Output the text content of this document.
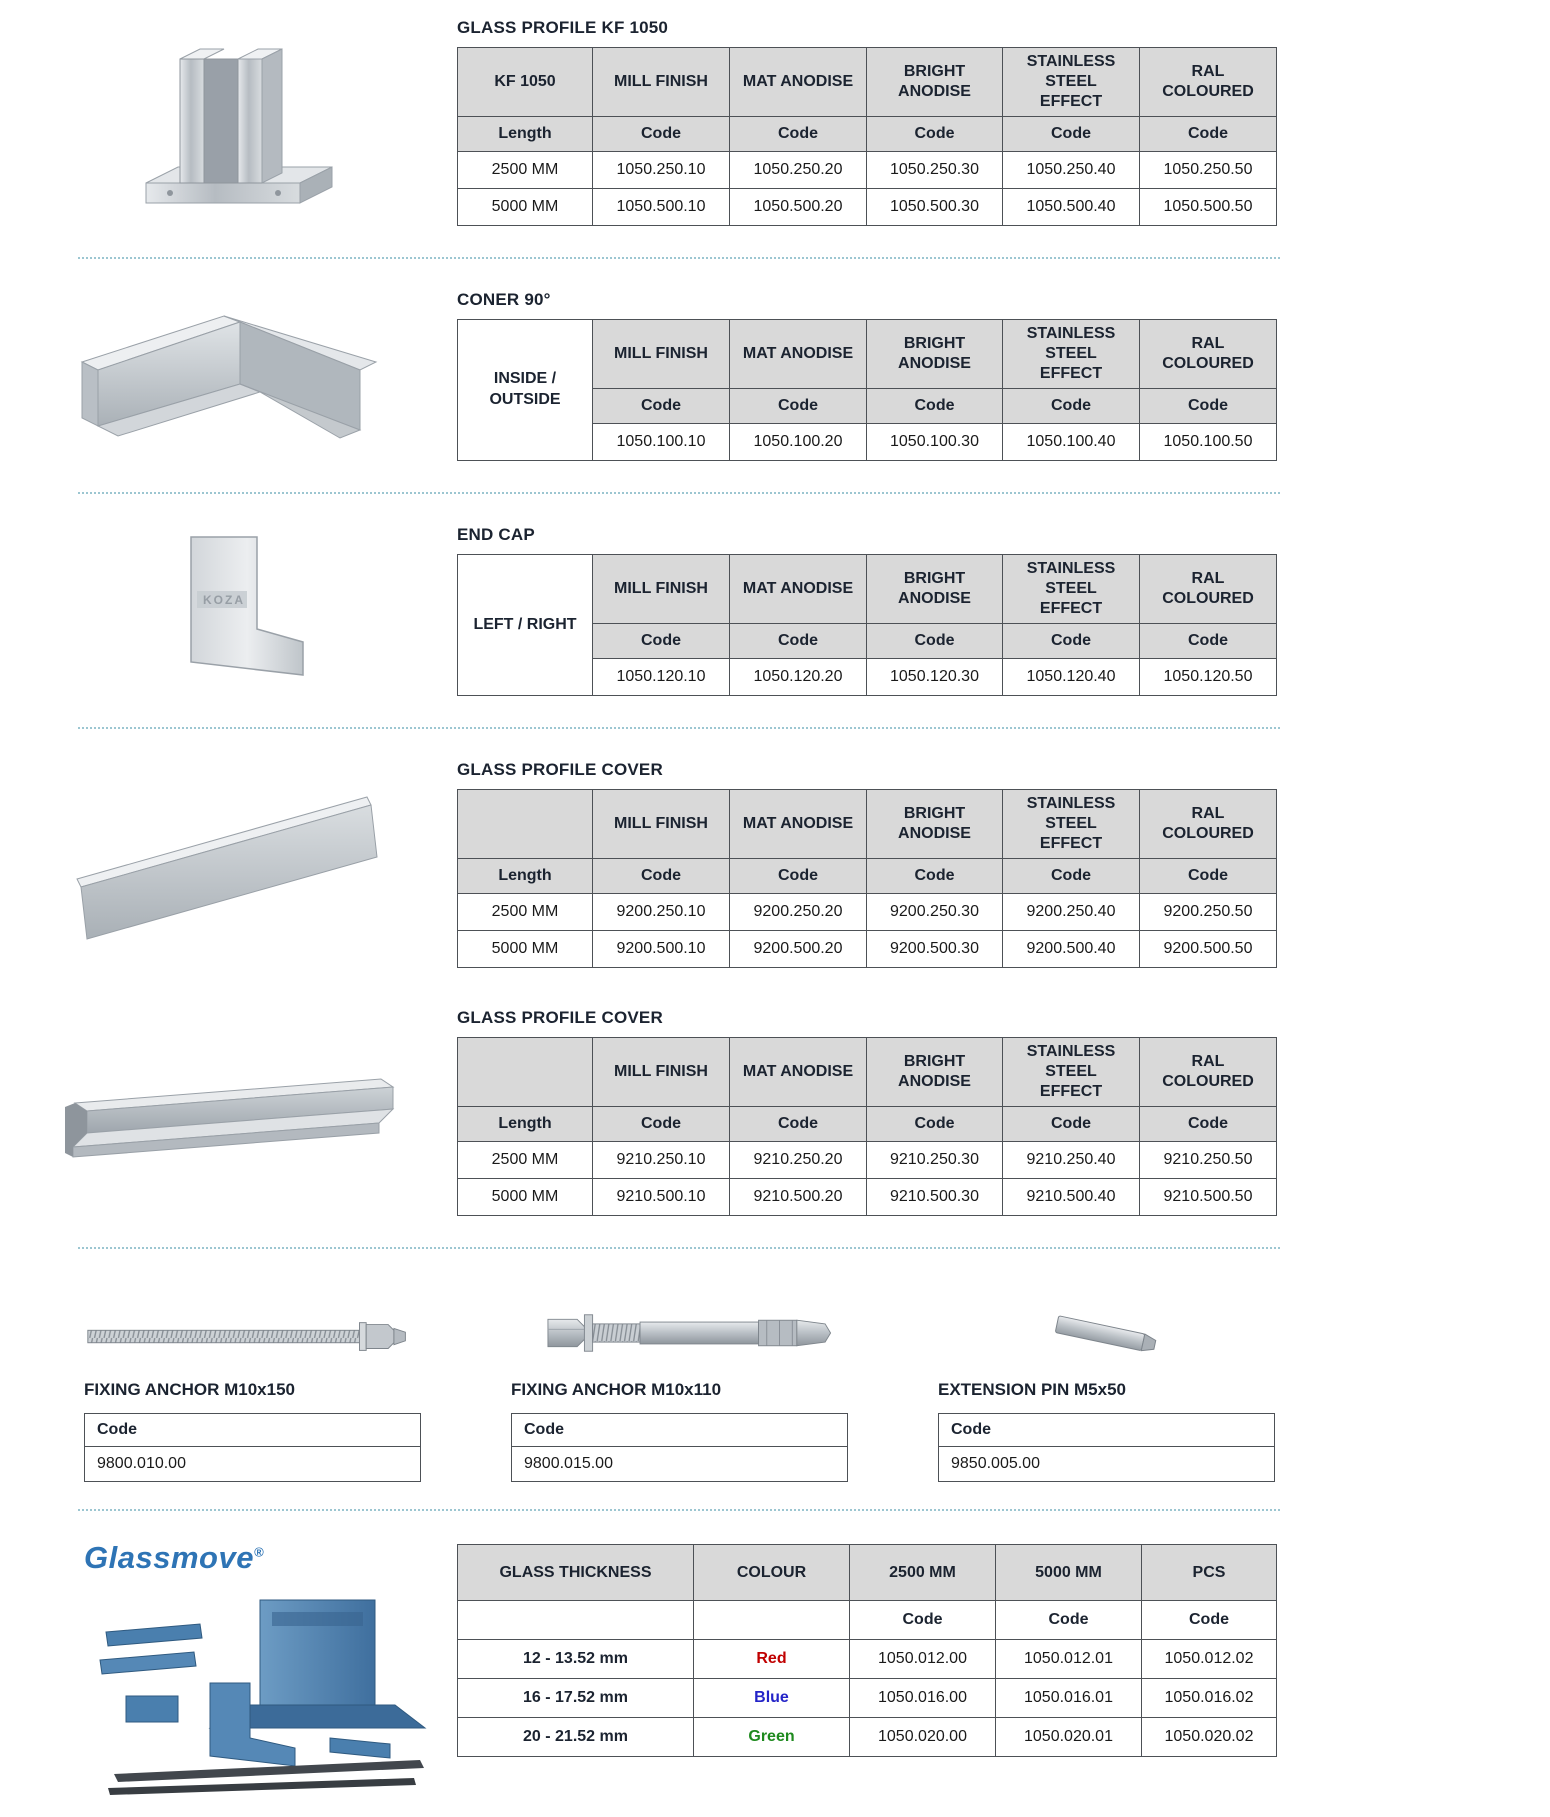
GLASS PROFILE KF 1050
KF 1050	MILL FINISH	MAT ANODISE	BRIGHT ANODISE	STAINLESS STEEL EFFECT	RAL COLOURED
Length	Code	Code	Code	Code	Code
2500 MM	1050.250.10	1050.250.20	1050.250.30	1050.250.40	1050.250.50
5000 MM	1050.500.10	1050.500.20	1050.500.30	1050.500.40	1050.500.50
CONER 90°
INSIDE / OUTSIDE	MILL FINISH	MAT ANODISE	BRIGHT ANODISE	STAINLESS STEEL EFFECT	RAL COLOURED
	Code	Code	Code	Code	Code
	1050.100.10	1050.100.20	1050.100.30	1050.100.40	1050.100.50
KOZA
END CAP
LEFT / RIGHT	MILL FINISH	MAT ANODISE	BRIGHT ANODISE	STAINLESS STEEL EFFECT	RAL COLOURED
	Code	Code	Code	Code	Code
	1050.120.10	1050.120.20	1050.120.30	1050.120.40	1050.120.50
GLASS PROFILE COVER
	MILL FINISH	MAT ANODISE	BRIGHT ANODISE	STAINLESS STEEL EFFECT	RAL COLOURED
Length	Code	Code	Code	Code	Code
2500 MM	9200.250.10	9200.250.20	9200.250.30	9200.250.40	9200.250.50
5000 MM	9200.500.10	9200.500.20	9200.500.30	9200.500.40	9200.500.50
GLASS PROFILE COVER
	MILL FINISH	MAT ANODISE	BRIGHT ANODISE	STAINLESS STEEL EFFECT	RAL COLOURED
Length	Code	Code	Code	Code	Code
2500 MM	9210.250.10	9210.250.20	9210.250.30	9210.250.40	9210.250.50
5000 MM	9210.500.10	9210.500.20	9210.500.30	9210.500.40	9210.500.50
FIXING ANCHOR M10x150
Code
9800.010.00
FIXING ANCHOR M10x110
Code
9800.015.00
EXTENSION PIN M5x50
Code
9850.005.00
Glassmove®
GLASS THICKNESS	COLOUR	2500 MM	5000 MM	PCS
		Code	Code	Code
12 - 13.52 mm	Red	1050.012.00	1050.012.01	1050.012.02
16 - 17.52 mm	Blue	1050.016.00	1050.016.01	1050.016.02
20 - 21.52 mm	Green	1050.020.00	1050.020.01	1050.020.02
